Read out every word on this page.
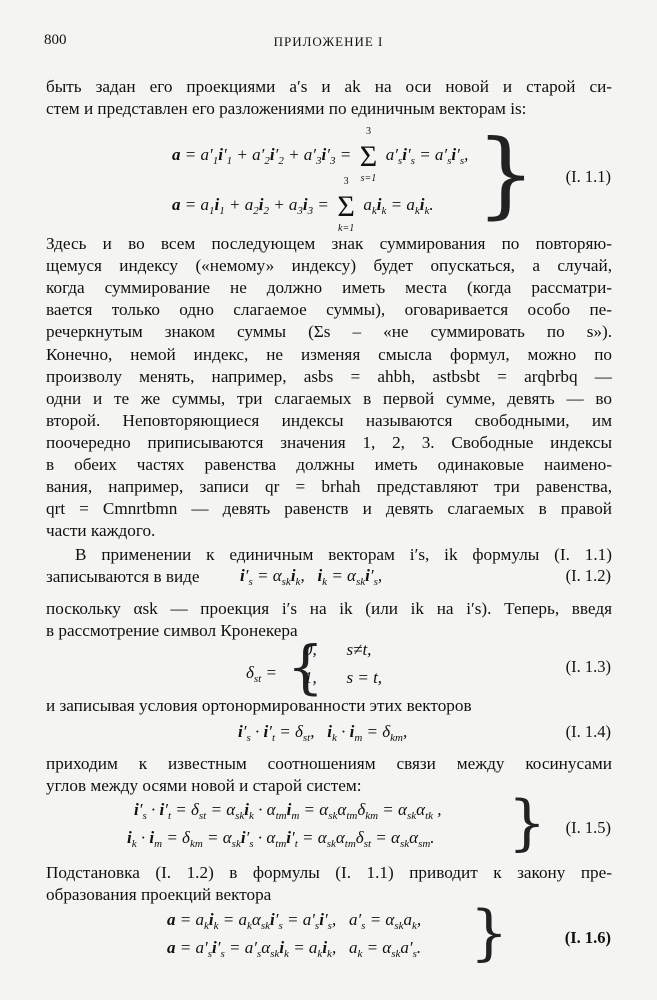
800	ПРИЛОЖЕНИЕ I
быть задан его проекциями a′s и ak на оси новой и старой си-
стем и представлен его разложениями по единичным векторам is:
$a = a'_1i'_1 + a'_2i'_2 + a'_3i'_3$ =
3
Σ
s=1
$a'_si'_s = a'_si'_s$,
$a = a_1i_1 + a_2i_2 + a_3i_3$ =
3
Σ
k=1
$a_ki_k = a_ki_k$. } (I. 1.1)
Здесь и во всем последующем знак суммирования по повторяю-
щемуся индексу («немому» индексу) будет опускаться, а случай,
когда суммирование не должно иметь места (когда рассматри-
вается только одно слагаемое суммы), оговаривается особо пе-
речеркнутым знаком суммы (Σs – «не суммировать по s»).
Конечно, немой индекс, не изменяя смысла формул, можно по
произволу менять, например, asbs = ahbh, astbsbt = arqbrbq —
одни и те же суммы, три слагаемых в первой сумме, девять — во
второй. Неповторяющиеся индексы называются свободными, им
поочередно приписываются значения 1, 2, 3. Свободные индексы
в обеих частях равенства должны иметь одинаковые наимено-
вания, например, записи qr = brhah представляют три равенства,
qrt = Cmnrtbmn — девять равенств и девять слагаемых в правой
части каждого.
В применении к единичным векторам i′s, ik формулы (I. 1.1)
записываются в виде	$i'_s = \alpha_{sk}i_k$,   $i_k = \alpha_{sk}i'_s$,	(I. 1.2)
поскольку αsk — проекция i′s на ik (или ik на i′s). Теперь, введя
в рассмотрение символ Кронекера
$\delta_{st}$ = {
0,       s≠t,
1,       s = t,
(I. 1.3)
и записывая условия ортонормированности этих векторов
$i'_s \cdot i'_t = \delta_{st}$,   $i_k \cdot i_m = \delta_{km}$,	(I. 1.4)
приходим к известным соотношениям связи между косинусами
углов между осями новой и старой систем:
$i'_s \cdot i'_t = \delta_{st} = \alpha_{sk}i_k \cdot \alpha_{tm}i_m = \alpha_{sk}\alpha_{tm}\delta_{km} = \alpha_{sk}\alpha_{tk}$ ,
$i_k \cdot i_m = \delta_{km} = \alpha_{sk}i'_s \cdot \alpha_{tm}i'_t = \alpha_{sk}\alpha_{tm}\delta_{st} = \alpha_{sk}\alpha_{sm}$. } (I. 1.5)
Подстановка (I. 1.2) в формулы (I. 1.1) приводит к закону пре-
образования проекций вектора
$a = a_ki_k = a_k\alpha_{sk}i'_s = a'_si'_s$,   $a'_s = \alpha_{sk}a_k$,
$a = a'_si'_s = a'_s\alpha_{sk}i_k = a_ki_k$,   $a_k = \alpha_{sk}a'_s$. }	(I. 1.6)
